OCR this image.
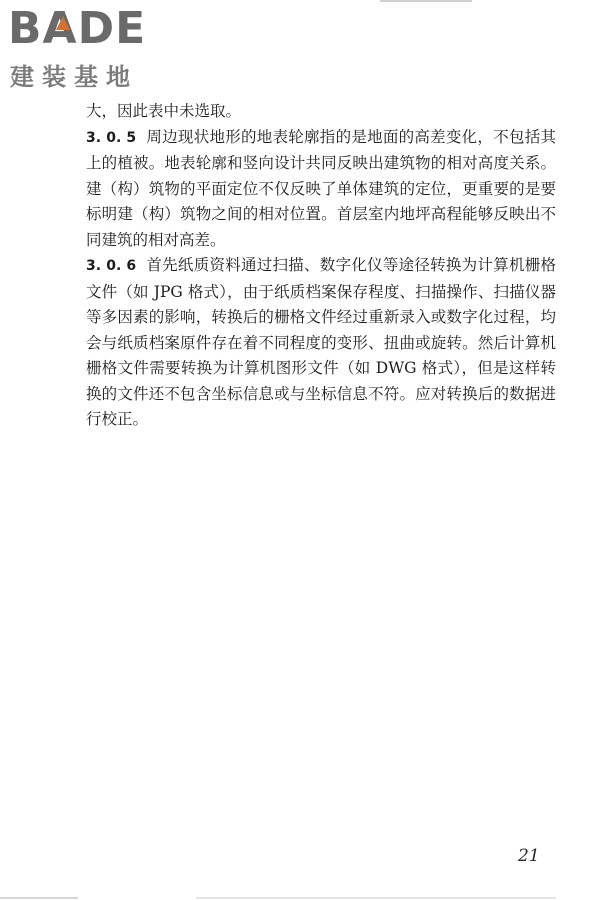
BADE
建装基地

大，因此表中未选取。

3. 0. 5 周边现状地形的地表轮廓指的是地面的高差变化，不包括其上的植被。地表轮廓和竖向设计共同反映出建筑物的相对高度关系。建（构）筑物的平面定位不仅反映了单体建筑的定位，更重要的是要标明建（构）筑物之间的相对位置。首层室内地坪高程能够反映出不同建筑的相对高差。

3. 0. 6 首先纸质资料通过扫描、数字化仪等途径转换为计算机栅格文件（如 JPG 格式），由于纸质档案保存程度、扫描操作、扫描仪器等多因素的影响，转换后的栅格文件经过重新录入或数字化过程，均会与纸质档案原件存在着不同程度的变形、扭曲或旋转。然后计算机栅格文件需要转换为计算机图形文件（如 DWG 格式），但是这样转换的文件还不包含坐标信息或与坐标信息不符。应对转换后的数据进行校正。

21
